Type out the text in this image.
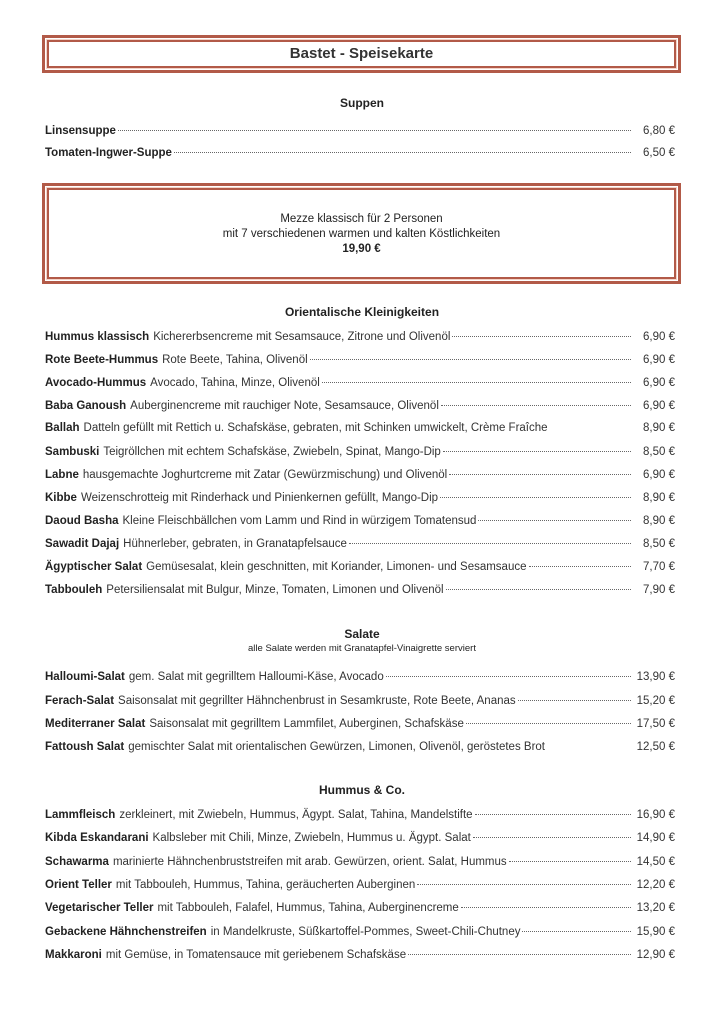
Bastet - Speisekarte
Suppen
Linsensuppe	6,80 €
Tomaten-Ingwer-Suppe	6,50 €
Mezze klassisch für 2 Personen
mit 7 verschiedenen warmen und kalten Köstlichkeiten
19,90 €
Orientalische Kleinigkeiten
Hummus klassisch Kichererbsencreme mit Sesamsauce, Zitrone und Olivenöl	6,90 €
Rote Beete-Hummus Rote Beete, Tahina, Olivenöl	6,90 €
Avocado-Hummus Avocado, Tahina, Minze, Olivenöl	6,90 €
Baba Ganoush Auberginencreme mit rauchiger Note, Sesamsauce, Olivenöl	6,90 €
Ballah Datteln gefüllt mit Rettich u. Schafskäse, gebraten, mit Schinken umwickelt, Crème Fraîche	8,90 €
Sambuski Teigröllchen mit echtem Schafskäse, Zwiebeln, Spinat, Mango-Dip	8,50 €
Labne hausgemachte Joghurtcreme mit Zatar (Gewürzmischung) und Olivenöl	6,90 €
Kibbe Weizenschrotteig mit Rinderhack und Pinienkernen gefüllt, Mango-Dip	8,90 €
Daoud Basha Kleine Fleischbällchen vom Lamm und Rind in würzigem Tomatensud	8,90 €
Sawadit Dajaj Hühnerleber, gebraten, in Granatapfelsauce	8,50 €
Ägyptischer Salat Gemüsesalat, klein geschnitten, mit Koriander, Limonen- und Sesamsauce	7,70 €
Tabbouleh Petersiliensalat mit Bulgur, Minze, Tomaten, Limonen und Olivenöl	7,90 €
Salate
alle Salate werden mit Granatapfel-Vinaigrette serviert
Halloumi-Salat gem. Salat mit gegrilltem Halloumi-Käse, Avocado	13,90 €
Ferach-Salat Saisonsalat mit gegrillter Hähnchenbrust in Sesamkruste, Rote Beete, Ananas	15,20 €
Mediterraner Salat Saisonsalat mit gegrilltem Lammfilet, Auberginen, Schafskäse	17,50 €
Fattoush Salat gemischter Salat mit orientalischen Gewürzen, Limonen, Olivenöl, geröstetes Brot	12,50 €
Hummus & Co.
Lammfleisch zerkleinert, mit Zwiebeln, Hummus, Ägypt. Salat, Tahina, Mandelstifte	16,90 €
Kibda Eskandarani Kalbsleber mit Chili, Minze, Zwiebeln, Hummus u. Ägypt. Salat	14,90 €
Schawarma marinierte Hähnchenbruststreifen mit arab. Gewürzen, orient. Salat, Hummus	14,50 €
Orient Teller mit Tabbouleh, Hummus, Tahina, geräucherten Auberginen	12,20 €
Vegetarischer Teller mit Tabbouleh, Falafel, Hummus, Tahina, Auberginencreme	13,20 €
Gebackene Hähnchenstreifen in Mandelkruste, Süßkartoffel-Pommes, Sweet-Chili-Chutney	15,90 €
Makkaroni mit Gemüse, in Tomatensauce mit geriebenem Schafskäse	12,90 €
